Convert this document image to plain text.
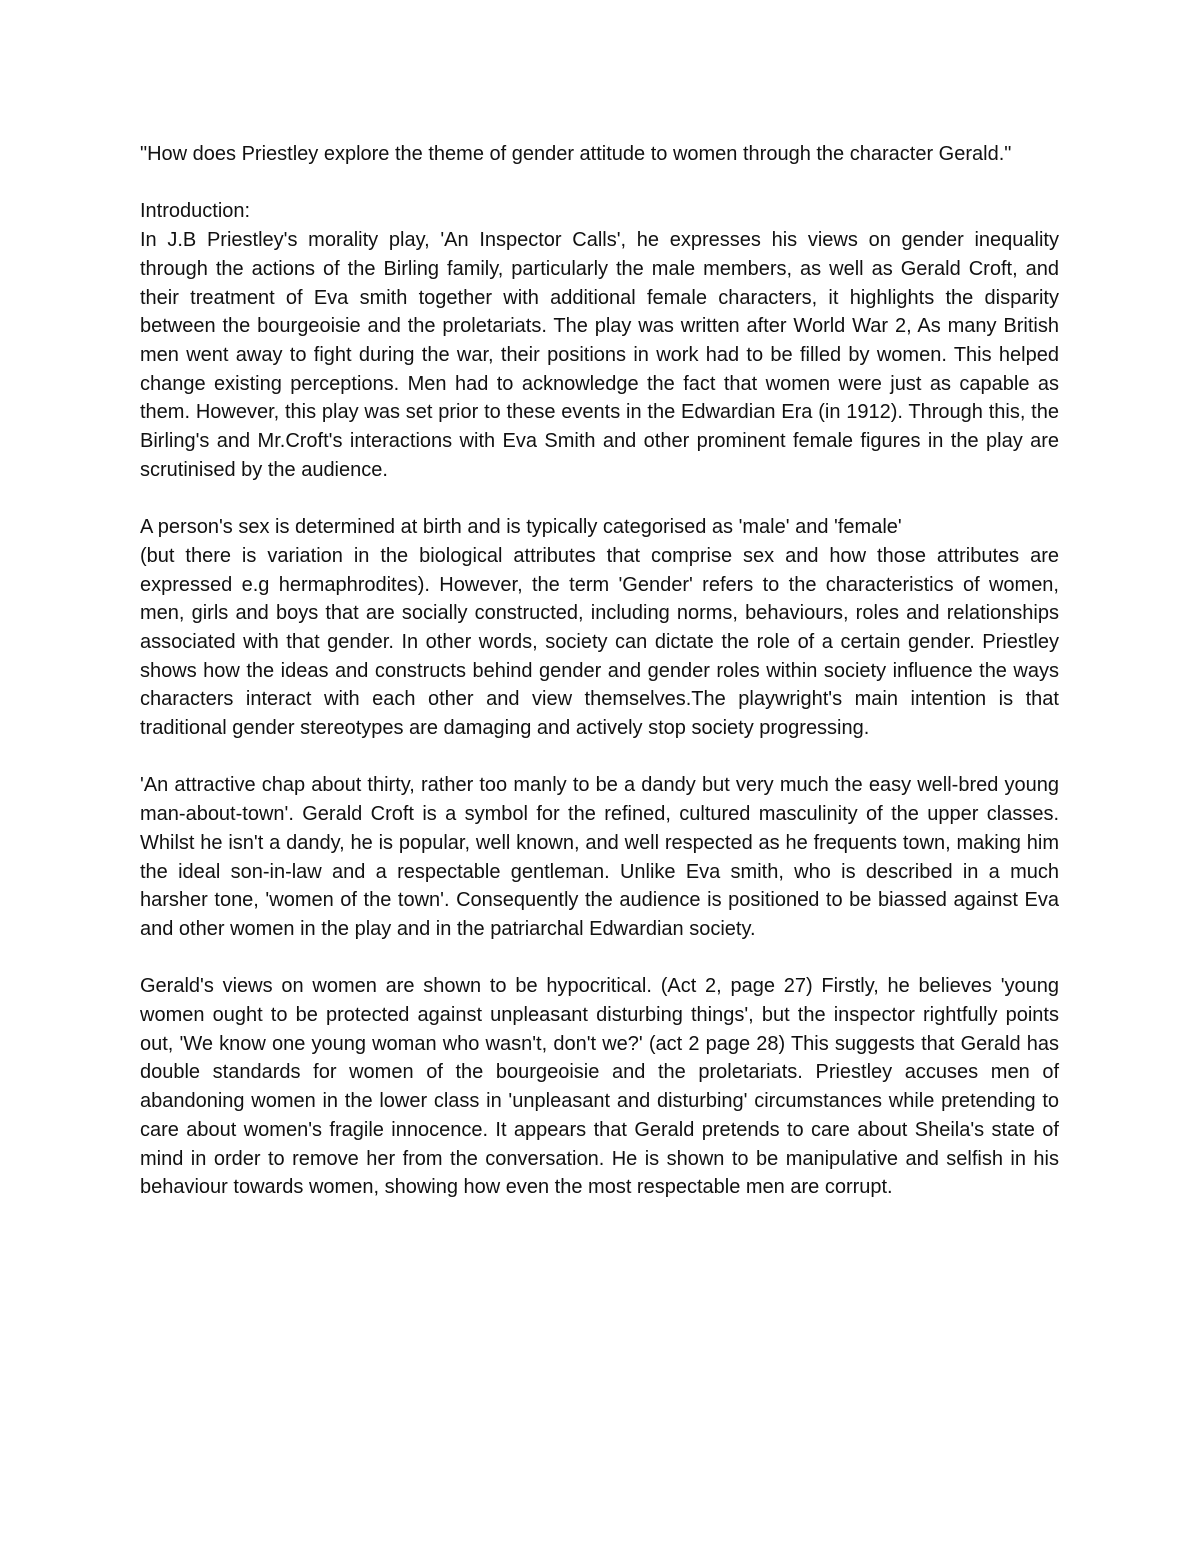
"How does Priestley explore the theme of gender attitude to women through the character Gerald."

Introduction:

In J.B Priestley's morality play, 'An Inspector Calls', he expresses his views on gender inequality through the actions of the Birling family, particularly the male members, as well as Gerald Croft, and their treatment of Eva smith together with additional female characters, it highlights the disparity between the bourgeoisie and the proletariats. The play was written after World War 2, As many British men went away to fight during the war, their positions in work had to be filled by women. This helped change existing perceptions. Men had to acknowledge the fact that women were just as capable as them. However, this play was set prior to these events in the Edwardian Era (in 1912). Through this, the Birling's and Mr.Croft's interactions with Eva Smith and other prominent female figures in the play are scrutinised by the audience.

A person's sex is determined at birth and is typically categorised as 'male' and 'female'

(but there is variation in the biological attributes that comprise sex and how those attributes are expressed e.g hermaphrodites). However, the term 'Gender' refers to the characteristics of women, men, girls and boys that are socially constructed, including norms, behaviours, roles and relationships associated with that gender. In other words, society can dictate the role of a certain gender. Priestley shows how the ideas and constructs behind gender and gender roles within society influence the ways characters interact with each other and view themselves.The playwright's main intention is that traditional gender stereotypes are damaging and actively stop society progressing.

'An attractive chap about thirty, rather too manly to be a dandy but very much the easy well-bred young man-about-town'. Gerald Croft is a symbol for the refined, cultured masculinity of the upper classes. Whilst he isn't a dandy, he is popular, well known, and well respected as he frequents town, making him the ideal son-in-law and a respectable gentleman. Unlike Eva smith, who is described in a much harsher tone, 'women of the town'. Consequently the audience is positioned to be biassed against Eva and other women in the play and in the patriarchal Edwardian society.

Gerald's views on women are shown to be hypocritical. (Act 2, page 27) Firstly, he believes 'young women ought to be protected against unpleasant disturbing things', but the inspector rightfully points out, 'We know one young woman who wasn't, don't we?' (act 2 page 28) This suggests that Gerald has double standards for women of the bourgeoisie and the proletariats. Priestley accuses men of abandoning women in the lower class in 'unpleasant and disturbing' circumstances while pretending to care about women's fragile innocence. It appears that Gerald pretends to care about Sheila's state of mind in order to remove her from the conversation. He is shown to be manipulative and selfish in his behaviour towards women, showing how even the most respectable men are corrupt.
